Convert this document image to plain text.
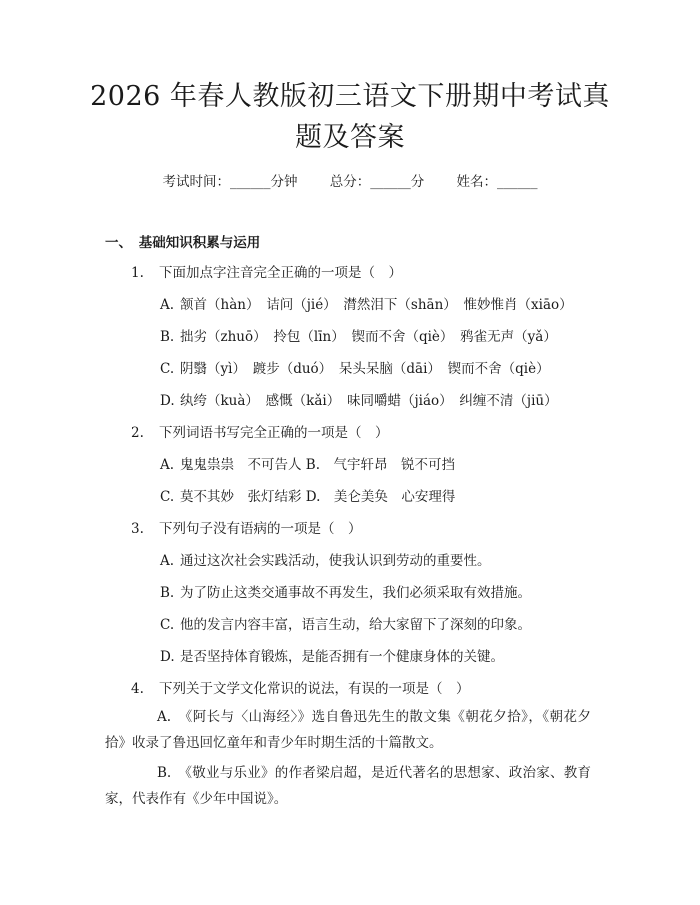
2026 年春人教版初三语文下册期中考试真题及答案
考试时间：______分钟 总分：______分 姓名：______
一、　基础知识积累与运用
1. 下面加点字注音完全正确的一项是（　）
A. 颔首（hàn）　诘问（jié）　潸然泪下（shān）　惟妙惟肖（xiāo）
B. 拙劣（zhuō）　拎包（līn）　锲而不舍（qiè）　鸦雀无声（yǎ）
C. 阴翳（yì）　踱步（duó）　呆头呆脑（dāi）　锲而不舍（qiè）
D. 纨绔（kuà）　感慨（kǎi）　味同嚼蜡（jiáo）　纠缠不清（jiū）
2. 下列词语书写完全正确的一项是（　）
A. 鬼鬼祟祟　不可告人 B.　气宇轩昂　锐不可挡
C. 莫不其妙　张灯结彩 D.　美仑美奂　心安理得
3. 下列句子没有语病的一项是（　）
A. 通过这次社会实践活动，使我认识到劳动的重要性。
B. 为了防止这类交通事故不再发生，我们必须采取有效措施。
C. 他的发言内容丰富，语言生动，给大家留下了深刻的印象。
D. 是否坚持体育锻炼，是能否拥有一个健康身体的关键。
4. 下列关于文学文化常识的说法，有误的一项是（　）
A.　《阿长与〈山海经〉》选自鲁迅先生的散文集《朝花夕拾》，《朝花夕拾》收录了鲁迅回忆童年和青少年时期生活的十篇散文。
B.　《敬业与乐业》的作者梁启超，是近代著名的思想家、政治家、教育家，代表作有《少年中国说》。
